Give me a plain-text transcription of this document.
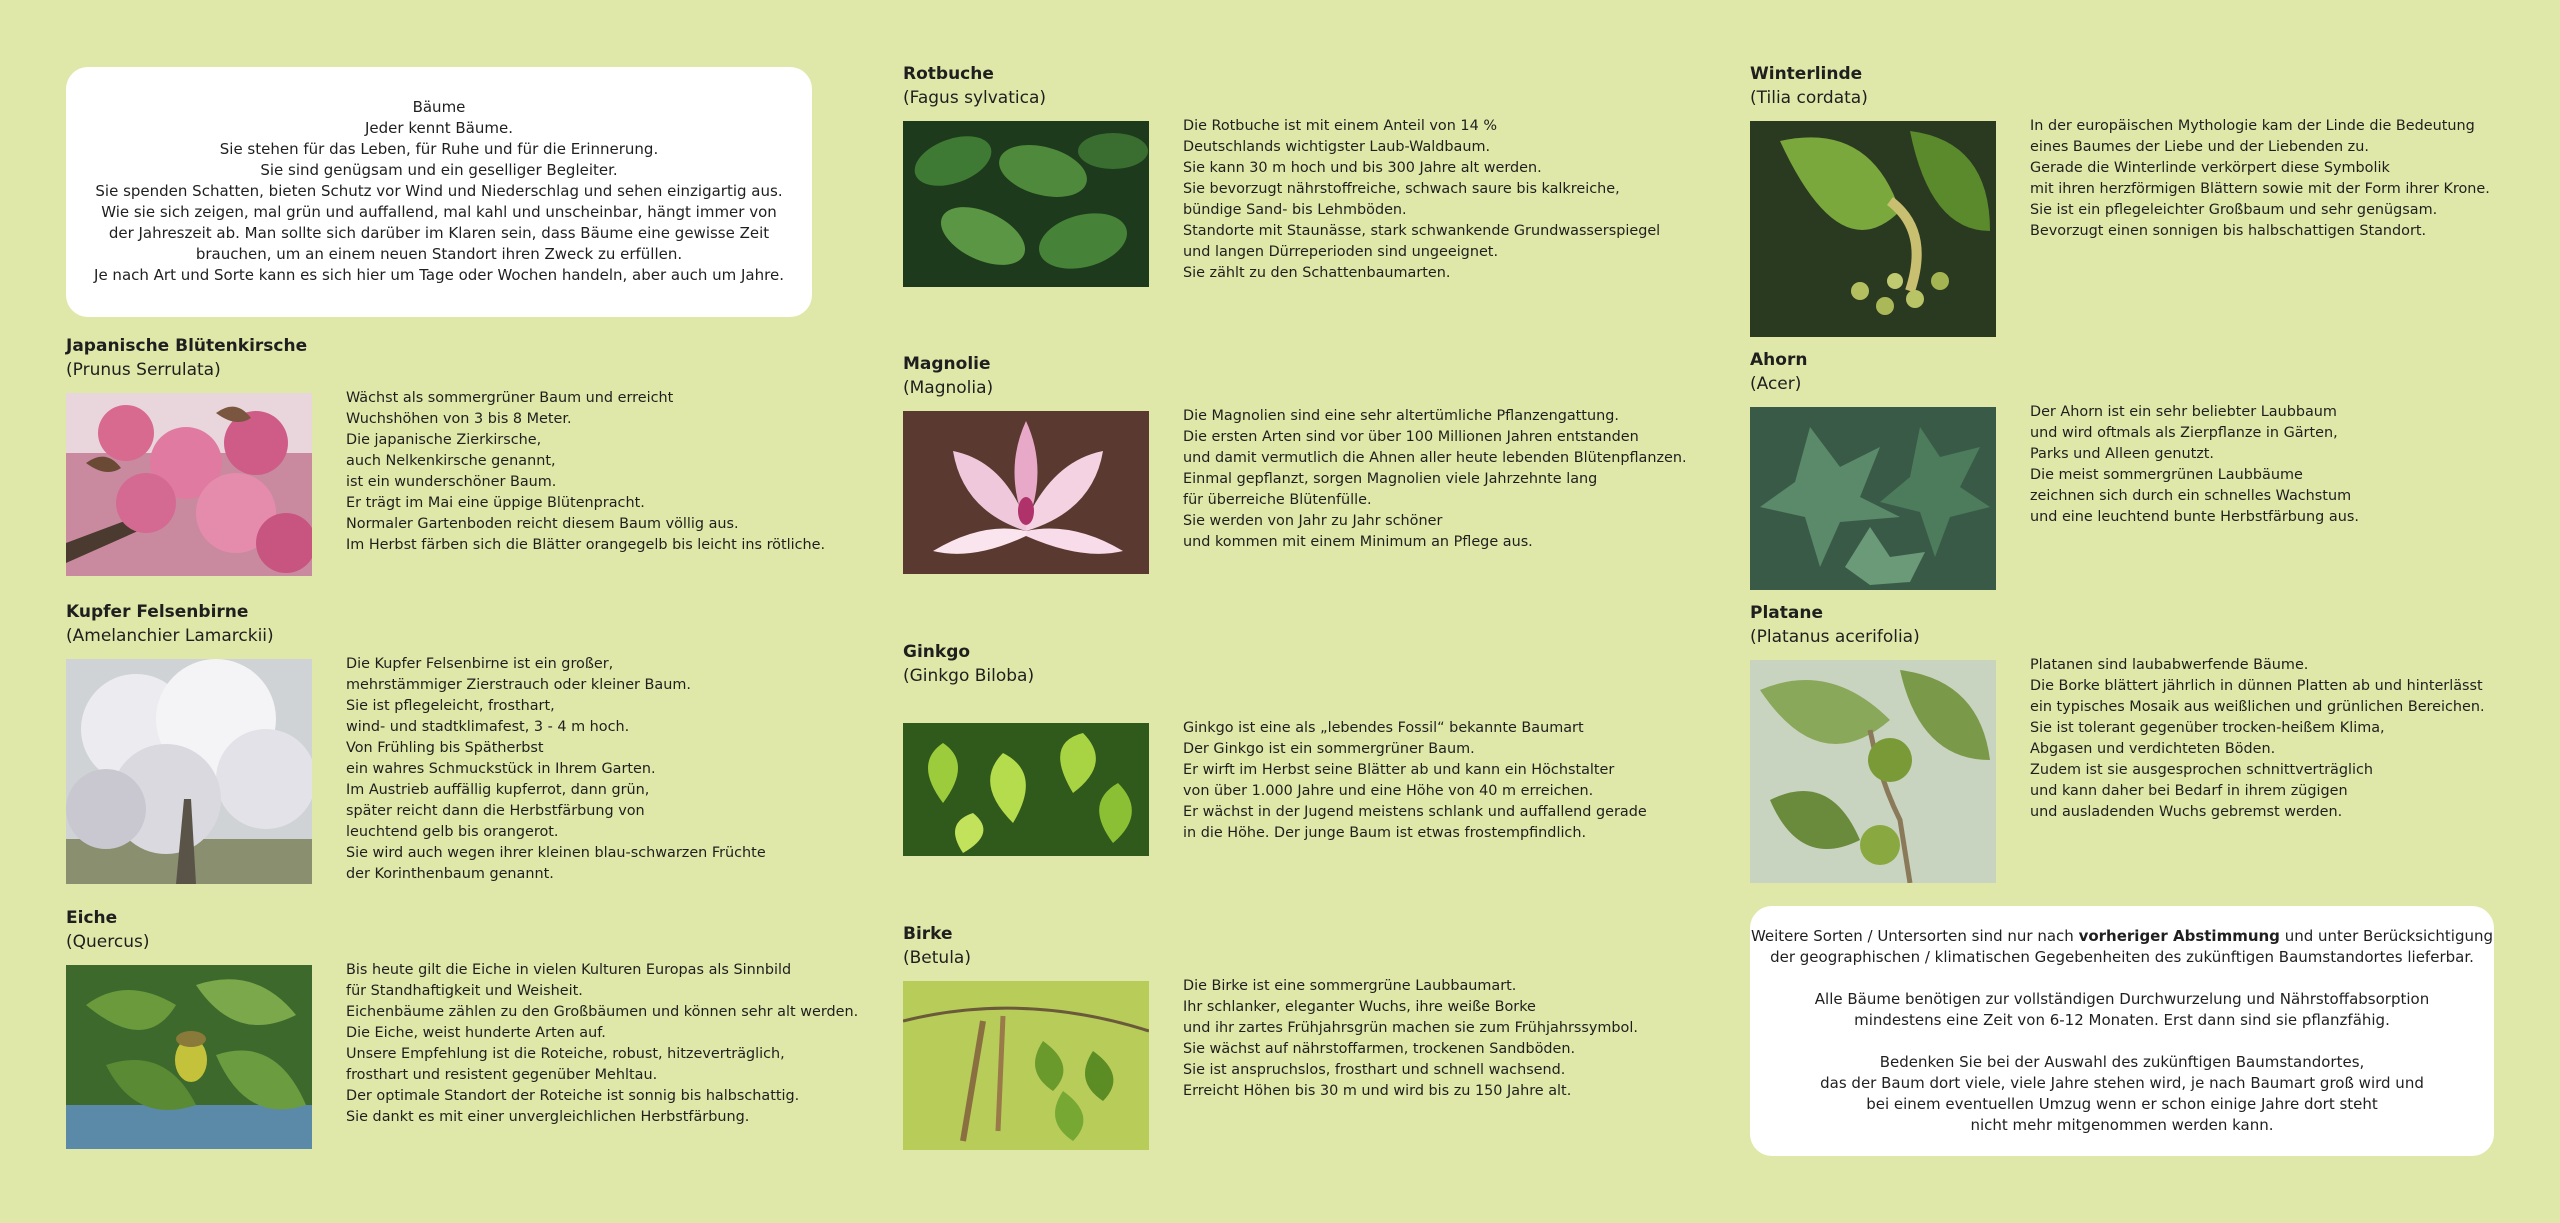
Bäume
Jeder kennt Bäume.
Sie stehen für das Leben, für Ruhe und für die Erinnerung.
Sie sind genügsam und ein geselliger Begleiter.
Sie spenden Schatten, bieten Schutz vor Wind und Niederschlag und sehen einzigartig aus.
Wie sie sich zeigen, mal grün und auffallend, mal kahl und unscheinbar, hängt immer von
der Jahreszeit ab. Man sollte sich darüber im Klaren sein, dass Bäume eine gewisse Zeit
brauchen, um an einem neuen Standort ihren Zweck zu erfüllen.
Je nach Art und Sorte kann es sich hier um Tage oder Wochen handeln, aber auch um Jahre.

Japanische Blütenkirsche
(Prunus Serrulata)
Wächst als sommergrüner Baum und erreicht
Wuchshöhen von 3 bis 8 Meter.
Die japanische Zierkirsche,
auch Nelkenkirsche genannt,
ist ein wunderschöner Baum.
Er trägt im Mai eine üppige Blütenpracht.
Normaler Gartenboden reicht diesem Baum völlig aus.
Im Herbst färben sich die Blätter orangegelb bis leicht ins rötliche.
Kupfer Felsenbirne
(Amelanchier Lamarckii)
Die Kupfer Felsenbirne ist ein großer,
mehrstämmiger Zierstrauch oder kleiner Baum.
Sie ist pflegeleicht, frosthart,
wind- und stadtklimafest, 3 - 4 m hoch.
Von Frühling bis Spätherbst
ein wahres Schmuckstück in Ihrem Garten.
Im Austrieb auffällig kupferrot, dann grün,
später reicht dann die Herbstfärbung von
leuchtend gelb bis orangerot.
Sie wird auch wegen ihrer kleinen blau-schwarzen Früchte
der Korinthenbaum genannt.
Eiche
(Quercus)
Bis heute gilt die Eiche in vielen Kulturen Europas als Sinnbild
für Standhaftigkeit und Weisheit.
Eichenbäume zählen zu den Großbäumen und können sehr alt werden.
Die Eiche, weist hunderte Arten auf.
Unsere Empfehlung ist die Roteiche, robust, hitzeverträglich,
frosthart und resistent gegenüber Mehltau.
Der optimale Standort der Roteiche ist sonnig bis halbschattig.
Sie dankt es mit einer unvergleichlichen Herbstfärbung.
Rotbuche
(Fagus sylvatica)
Die Rotbuche ist mit einem Anteil von 14 %
Deutschlands wichtigster Laub-Waldbaum.
Sie kann 30 m hoch und bis 300 Jahre alt werden.
Sie bevorzugt nährstoffreiche, schwach saure bis kalkreiche,
bündige Sand- bis Lehmböden.
Standorte mit Staunässe, stark schwankende Grundwasserspiegel
und langen Dürreperioden sind ungeeignet.
Sie zählt zu den Schattenbaumarten.
Magnolie
(Magnolia)
Die Magnolien sind eine sehr altertümliche Pflanzengattung.
Die ersten Arten sind vor über 100 Millionen Jahren entstanden
und damit vermutlich die Ahnen aller heute lebenden Blütenpflanzen.
Einmal gepflanzt, sorgen Magnolien viele Jahrzehnte lang
für überreiche Blütenfülle.
Sie werden von Jahr zu Jahr schöner
und kommen mit einem Minimum an Pflege aus.
Ginkgo
(Ginkgo Biloba)
Ginkgo ist eine als „lebendes Fossil“ bekannte Baumart
Der Ginkgo ist ein sommergrüner Baum.
Er wirft im Herbst seine Blätter ab und kann ein Höchstalter
von über 1.000 Jahre und eine Höhe von 40 m erreichen.
Er wächst in der Jugend meistens schlank und auffallend gerade
in die Höhe. Der junge Baum ist etwas frostempfindlich.
Birke
(Betula)
Die Birke ist eine sommergrüne Laubbaumart.
Ihr schlanker, eleganter Wuchs, ihre weiße Borke
und ihr zartes Frühjahrsgrün machen sie zum Frühjahrssymbol.
Sie wächst auf nährstoffarmen, trockenen Sandböden.
Sie ist anspruchslos, frosthart und schnell wachsend.
Erreicht Höhen bis 30 m und wird bis zu 150 Jahre alt.
Winterlinde
(Tilia cordata)
In der europäischen Mythologie kam der Linde die Bedeutung
eines Baumes der Liebe und der Liebenden zu.
Gerade die Winterlinde verkörpert diese Symbolik
mit ihren herzförmigen Blättern sowie mit der Form ihrer Krone.
Sie ist ein pflegeleichter Großbaum und sehr genügsam.
Bevorzugt einen sonnigen bis halbschattigen Standort.
Ahorn
(Acer)
Der Ahorn ist ein sehr beliebter Laubbaum
und wird oftmals als Zierpflanze in Gärten,
Parks und Alleen genutzt.
Die meist sommergrünen Laubbäume
zeichnen sich durch ein schnelles Wachstum
und eine leuchtend bunte Herbstfärbung aus.
Platane
(Platanus acerifolia)
Platanen sind laubabwerfende Bäume.
Die Borke blättert jährlich in dünnen Platten ab und hinterlässt
ein typisches Mosaik aus weißlichen und grünlichen Bereichen.
Sie ist tolerant gegenüber trocken-heißem Klima,
Abgasen und verdichteten Böden.
Zudem ist sie ausgesprochen schnittverträglich
und kann daher bei Bedarf in ihrem zügigen
und ausladenden Wuchs gebremst werden.

Weitere Sorten / Untersorten sind nur nach vorheriger Abstimmung und unter Berücksichtigung
der geographischen / klimatischen Gegebenheiten des zukünftigen Baumstandortes lieferbar.

Alle Bäume benötigen zur vollständigen Durchwurzelung und Nährstoffabsorption
mindestens eine Zeit von 6-12 Monaten. Erst dann sind sie pflanzfähig.

Bedenken Sie bei der Auswahl des zukünftigen Baumstandortes,
das der Baum dort viele, viele Jahre stehen wird, je nach Baumart groß wird und
bei einem eventuellen Umzug wenn er schon einige Jahre dort steht
nicht mehr mitgenommen werden kann.
